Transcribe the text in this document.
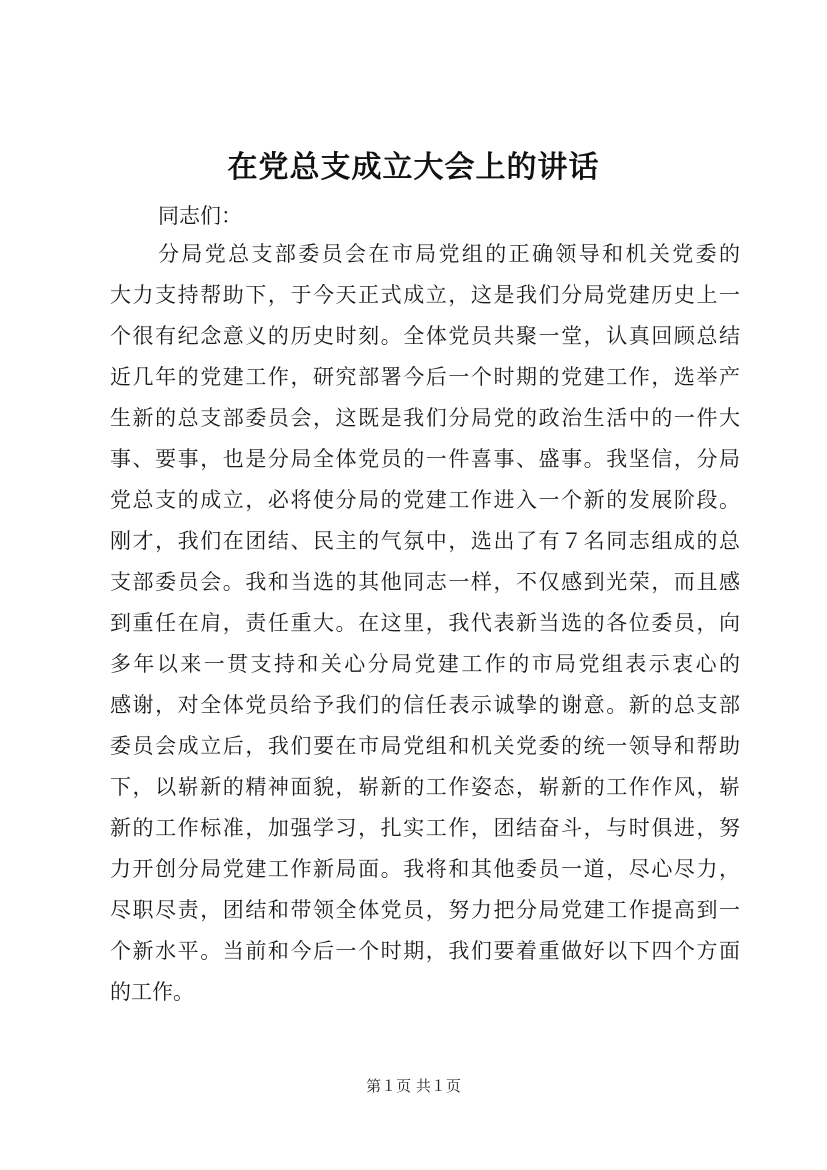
在党总支成立大会上的讲话
同志们：
分局党总支部委员会在市局党组的正确领导和机关党委的
大力支持帮助下，于今天正式成立，这是我们分局党建历史上一
个很有纪念意义的历史时刻。全体党员共聚一堂，认真回顾总结
近几年的党建工作，研究部署今后一个时期的党建工作，选举产
生新的总支部委员会，这既是我们分局党的政治生活中的一件大
事、要事，也是分局全体党员的一件喜事、盛事。我坚信，分局
党总支的成立，必将使分局的党建工作进入一个新的发展阶段。
刚才，我们在团结、民主的气氛中，选出了有７名同志组成的总
支部委员会。我和当选的其他同志一样，不仅感到光荣，而且感
到重任在肩，责任重大。在这里，我代表新当选的各位委员，向
多年以来一贯支持和关心分局党建工作的市局党组表示衷心的
感谢，对全体党员给予我们的信任表示诚挚的谢意。新的总支部
委员会成立后，我们要在市局党组和机关党委的统一领导和帮助
下，以崭新的精神面貌，崭新的工作姿态，崭新的工作作风，崭
新的工作标准，加强学习，扎实工作，团结奋斗，与时俱进，努
力开创分局党建工作新局面。我将和其他委员一道，尽心尽力，
尽职尽责，团结和带领全体党员，努力把分局党建工作提高到一
个新水平。当前和今后一个时期，我们要着重做好以下四个方面
的工作。
第１页 共１页
